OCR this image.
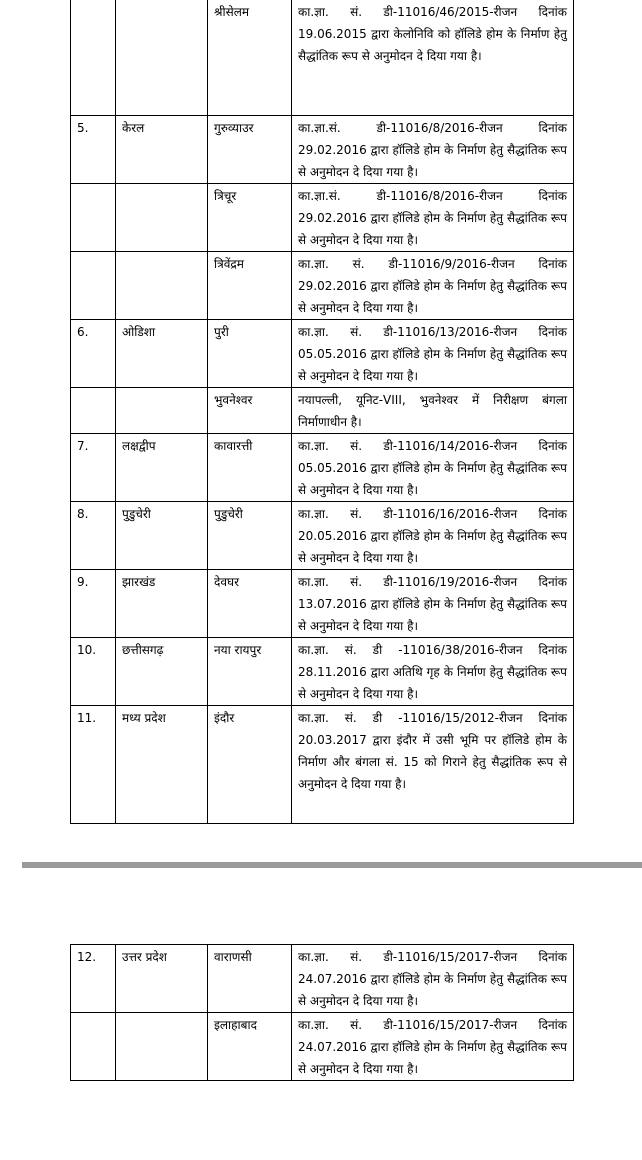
		श्रीसेलम	का.ज्ञा. सं. डी-11016/46/2015-रीजन दिनांक 19.06.2015 द्वारा केलोनिवि को हॉलिडे होम के निर्माण हेतु सैद्धांतिक रूप से अनुमोदन दे दिया गया है।
5.	केरल	गुरुव्याउर	का.ज्ञा.सं. डी-11016/8/2016-रीजन दिनांक 29.02.2016 द्वारा हॉलिडे होम के निर्माण हेतु सैद्धांतिक रूप से अनुमोदन दे दिया गया है।
		त्रिचूर	का.ज्ञा.सं. डी-11016/8/2016-रीजन दिनांक 29.02.2016 द्वारा हॉलिडे होम के निर्माण हेतु सैद्धांतिक रूप से अनुमोदन दे दिया गया है।
		त्रिवेंद्रम	का.ज्ञा. सं. डी-11016/9/2016-रीजन दिनांक 29.02.2016 द्वारा हॉलिडे होम के निर्माण हेतु सैद्धांतिक रूप से अनुमोदन दे दिया गया है।
6.	ओडिशा	पुरी	का.ज्ञा. सं. डी-11016/13/2016-रीजन दिनांक 05.05.2016 द्वारा हॉलिडे होम के निर्माण हेतु सैद्धांतिक रूप से अनुमोदन दे दिया गया है।
		भुवनेश्वर	नयापल्ली, यूनिट-VIII, भुवनेश्वर में निरीक्षण बंगला निर्माणाधीन है।
7.	लक्षद्वीप	कावारत्ती	का.ज्ञा. सं. डी-11016/14/2016-रीजन दिनांक 05.05.2016 द्वारा हॉलिडे होम के निर्माण हेतु सैद्धांतिक रूप से अनुमोदन दे दिया गया है।
8.	पुडुचेरी	पुडुचेरी	का.ज्ञा. सं. डी-11016/16/2016-रीजन दिनांक 20.05.2016 द्वारा हॉलिडे होम के निर्माण हेतु सैद्धांतिक रूप से अनुमोदन दे दिया गया है।
9.	झारखंड	देवघर	का.ज्ञा. सं. डी-11016/19/2016-रीजन दिनांक 13.07.2016 द्वारा हॉलिडे होम के निर्माण हेतु सैद्धांतिक रूप से अनुमोदन दे दिया गया है।
10.	छत्तीसगढ़	नया रायपुर	का.ज्ञा. सं. डी -11016/38/2016-रीजन दिनांक 28.11.2016 द्वारा अतिथि गृह के निर्माण हेतु सैद्धांतिक रूप से अनुमोदन दे दिया गया है।
11.	मध्य प्रदेश	इंदौर	का.ज्ञा. सं. डी -11016/15/2012-रीजन दिनांक 20.03.2017 द्वारा इंदौर में उसी भूमि पर हॉलिडे होम के निर्माण और बंगला सं. 15 को गिराने हेतु सैद्धांतिक रूप से अनुमोदन दे दिया गया है।
12.	उत्तर प्रदेश	वाराणसी	का.ज्ञा. सं. डी-11016/15/2017-रीजन दिनांक 24.07.2016 द्वारा हॉलिडे होम के निर्माण हेतु सैद्धांतिक रूप से अनुमोदन दे दिया गया है।
		इलाहाबाद	का.ज्ञा. सं. डी-11016/15/2017-रीजन दिनांक 24.07.2016 द्वारा हॉलिडे होम के निर्माण हेतु सैद्धांतिक रूप से अनुमोदन दे दिया गया है।
